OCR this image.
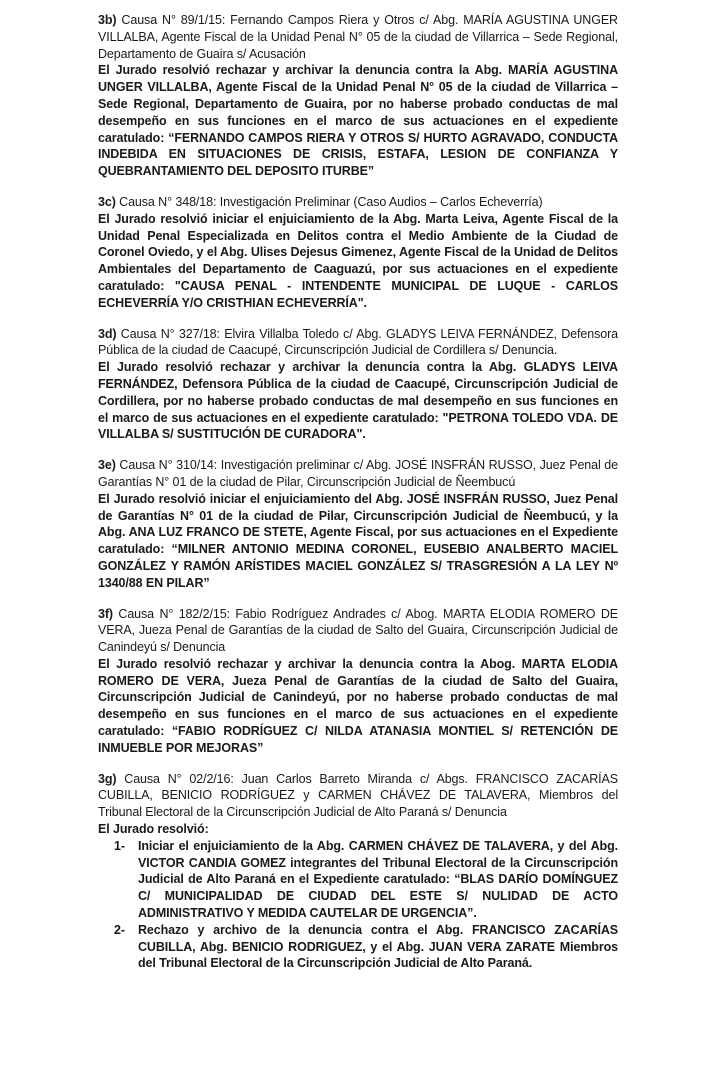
3b) Causa N° 89/1/15: Fernando Campos Riera y Otros c/ Abg. MARÍA AGUSTINA UNGER VILLALBA, Agente Fiscal de la Unidad Penal N° 05 de la ciudad de Villarrica – Sede Regional, Departamento de Guaira s/ Acusación

El Jurado resolvió rechazar y archivar la denuncia contra la Abg. MARÍA AGUSTINA UNGER VILLALBA, Agente Fiscal de la Unidad Penal N° 05 de la ciudad de Villarrica – Sede Regional, Departamento de Guaira, por no haberse probado conductas de mal desempeño en sus funciones en el marco de sus actuaciones en el expediente caratulado: “FERNANDO CAMPOS RIERA Y OTROS S/ HURTO AGRAVADO, CONDUCTA INDEBIDA EN SITUACIONES DE CRISIS, ESTAFA, LESION DE CONFIANZA Y QUEBRANTAMIENTO DEL DEPOSITO ITURBE”

3c) Causa N° 348/18: Investigación Preliminar (Caso Audios – Carlos Echeverría)

El Jurado resolvió iniciar el enjuiciamiento de la Abg. Marta Leiva, Agente Fiscal de la Unidad Penal Especializada en Delitos contra el Medio Ambiente de la Ciudad de Coronel Oviedo, y el Abg. Ulises Dejesus Gimenez, Agente Fiscal de la Unidad de Delitos Ambientales del Departamento de Caaguazú, por sus actuaciones en el expediente caratulado: "CAUSA PENAL - INTENDENTE MUNICIPAL DE LUQUE - CARLOS ECHEVERRÍA Y/O CRISTHIAN ECHEVERRÍA".

3d) Causa N° 327/18: Elvira Villalba Toledo c/ Abg. GLADYS LEIVA FERNÁNDEZ, Defensora Pública de la ciudad de Caacupé, Circunscripción Judicial de Cordillera s/ Denuncia.

El Jurado resolvió rechazar y archivar la denuncia contra la Abg. GLADYS LEIVA FERNÁNDEZ, Defensora Pública de la ciudad de Caacupé, Circunscripción Judicial de Cordillera, por no haberse probado conductas de mal desempeño en sus funciones en el marco de sus actuaciones en el expediente caratulado: "PETRONA TOLEDO VDA. DE VILLALBA S/ SUSTITUCIÓN DE CURADORA".

3e) Causa N° 310/14: Investigación preliminar c/ Abg. JOSÉ INSFRÁN RUSSO, Juez Penal de Garantías N° 01 de la ciudad de Pilar, Circunscripción Judicial de Ñeembucú

El Jurado resolvió iniciar el enjuiciamiento del Abg. JOSÉ INSFRÁN RUSSO, Juez Penal de Garantías N° 01 de la ciudad de Pilar, Circunscripción Judicial de Ñeembucú, y la Abg. ANA LUZ FRANCO DE STETE, Agente Fiscal, por sus actuaciones en el Expediente caratulado: “MILNER ANTONIO MEDINA CORONEL, EUSEBIO ANALBERTO MACIEL GONZÁLEZ Y RAMÓN ARÍSTIDES MACIEL GONZÁLEZ S/ TRASGRESIÓN A LA LEY Nº 1340/88 EN PILAR”

3f) Causa N° 182/2/15: Fabio Rodríguez Andrades c/ Abog. MARTA ELODIA ROMERO DE VERA, Jueza Penal de Garantías de la ciudad de Salto del Guaira, Circunscripción Judicial de Canindeyú s/ Denuncia

El Jurado resolvió rechazar y archivar la denuncia contra la Abog. MARTA ELODIA ROMERO DE VERA, Jueza Penal de Garantías de la ciudad de Salto del Guaira, Circunscripción Judicial de Canindeyú, por no haberse probado conductas de mal desempeño en sus funciones en el marco de sus actuaciones en el expediente caratulado: “FABIO RODRÍGUEZ C/ NILDA ATANASIA MONTIEL S/ RETENCIÓN DE INMUEBLE POR MEJORAS”

3g) Causa N° 02/2/16: Juan Carlos Barreto Miranda c/ Abgs. FRANCISCO ZACARÍAS CUBILLA, BENICIO RODRÍGUEZ y CARMEN CHÁVEZ DE TALAVERA, Miembros del Tribunal Electoral de la Circunscripción Judicial de Alto Paraná s/ Denuncia

El Jurado resolvió:

1- Iniciar el enjuiciamiento de la Abg. CARMEN CHÁVEZ DE TALAVERA, y del Abg. VICTOR CANDIA GOMEZ integrantes del Tribunal Electoral de la Circunscripción Judicial de Alto Paraná en el Expediente caratulado: “BLAS DARÍO DOMÍNGUEZ C/ MUNICIPALIDAD DE CIUDAD DEL ESTE S/ NULIDAD DE ACTO ADMINISTRATIVO Y MEDIDA CAUTELAR DE URGENCIA”.

2- Rechazo y archivo de la denuncia contra el Abg. FRANCISCO ZACARÍAS CUBILLA, Abg. BENICIO RODRIGUEZ, y el Abg. JUAN VERA ZARATE Miembros del Tribunal Electoral de la Circunscripción Judicial de Alto Paraná.
